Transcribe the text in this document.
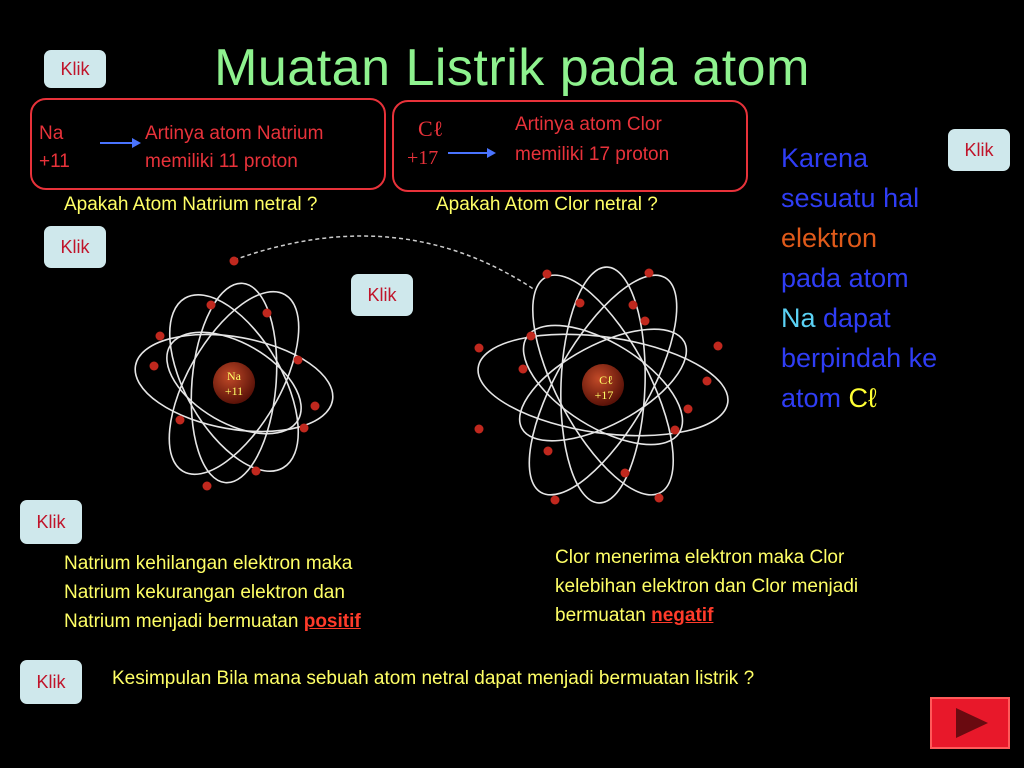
Muatan Listrik pada atom
Klik
Klik
Klik
Klik
Klik
Klik
Na
+11
Artinya atom Natrium
memiliki 11 proton
Cℓ
+17
Artinya atom Clor
memiliki 17 proton
Apakah Atom Natrium netral ?	Apakah Atom Clor netral ?
Karena
sesuatu hal
elektron
pada atom
Na dapat
berpindah ke
atom Cℓ
Na
+11
Cℓ
+17
Natrium kehilangan elektron maka
Natrium kekurangan elektron dan
Natrium menjadi bermuatan positif
Clor menerima elektron maka Clor
kelebihan elektron dan Clor menjadi
bermuatan negatif
Kesimpulan Bila mana sebuah atom netral dapat menjadi bermuatan listrik ?
